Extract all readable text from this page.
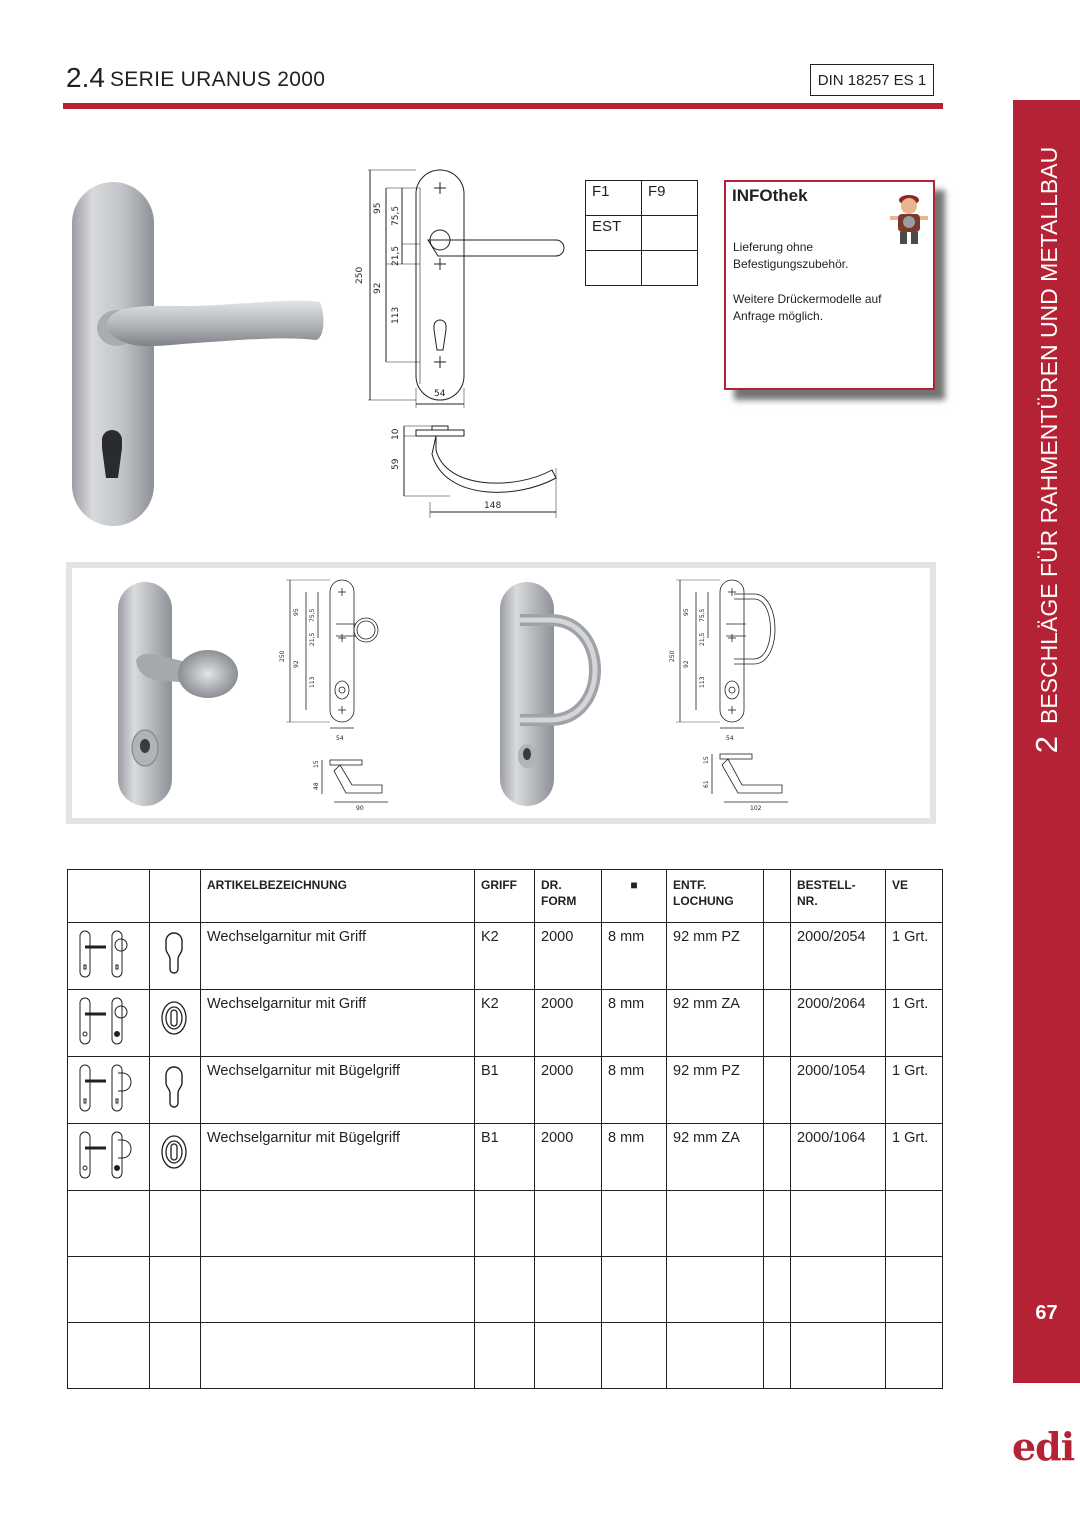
2.4 SERIE URANUS 2000	DIN 18257 ES 1
2BESCHLÄGE FÜR RAHMENTÜREN UND METALLBAU
67
edi
95 75,5
21,5
250
92
113
54
10
59
148
F1	F9
EST	

INFOthek
Lieferung ohne Befestigungszubehör.
Weitere Drückermodelle auf Anfrage möglich.
95 75,5
21,5
250
92
113
54
15
48
90
95 75,5
21,5
250
92
113
54
15
61
102
		ARTIKELBEZEICHNUNG	GRIFF	DR. FORM	■	ENTF. LOCHUNG		BESTELL- NR.	VE
		Wechselgarnitur mit Griff	K2	2000	8 mm	92 mm PZ		2000/2054	1 Grt.
		Wechselgarnitur mit Griff	K2	2000	8 mm	92 mm ZA		2000/2064	1 Grt.
		Wechselgarnitur mit Bügelgriff	B1	2000	8 mm	92 mm PZ		2000/1054	1 Grt.
		Wechselgarnitur mit Bügelgriff	B1	2000	8 mm	92 mm ZA		2000/1064	1 Grt.
